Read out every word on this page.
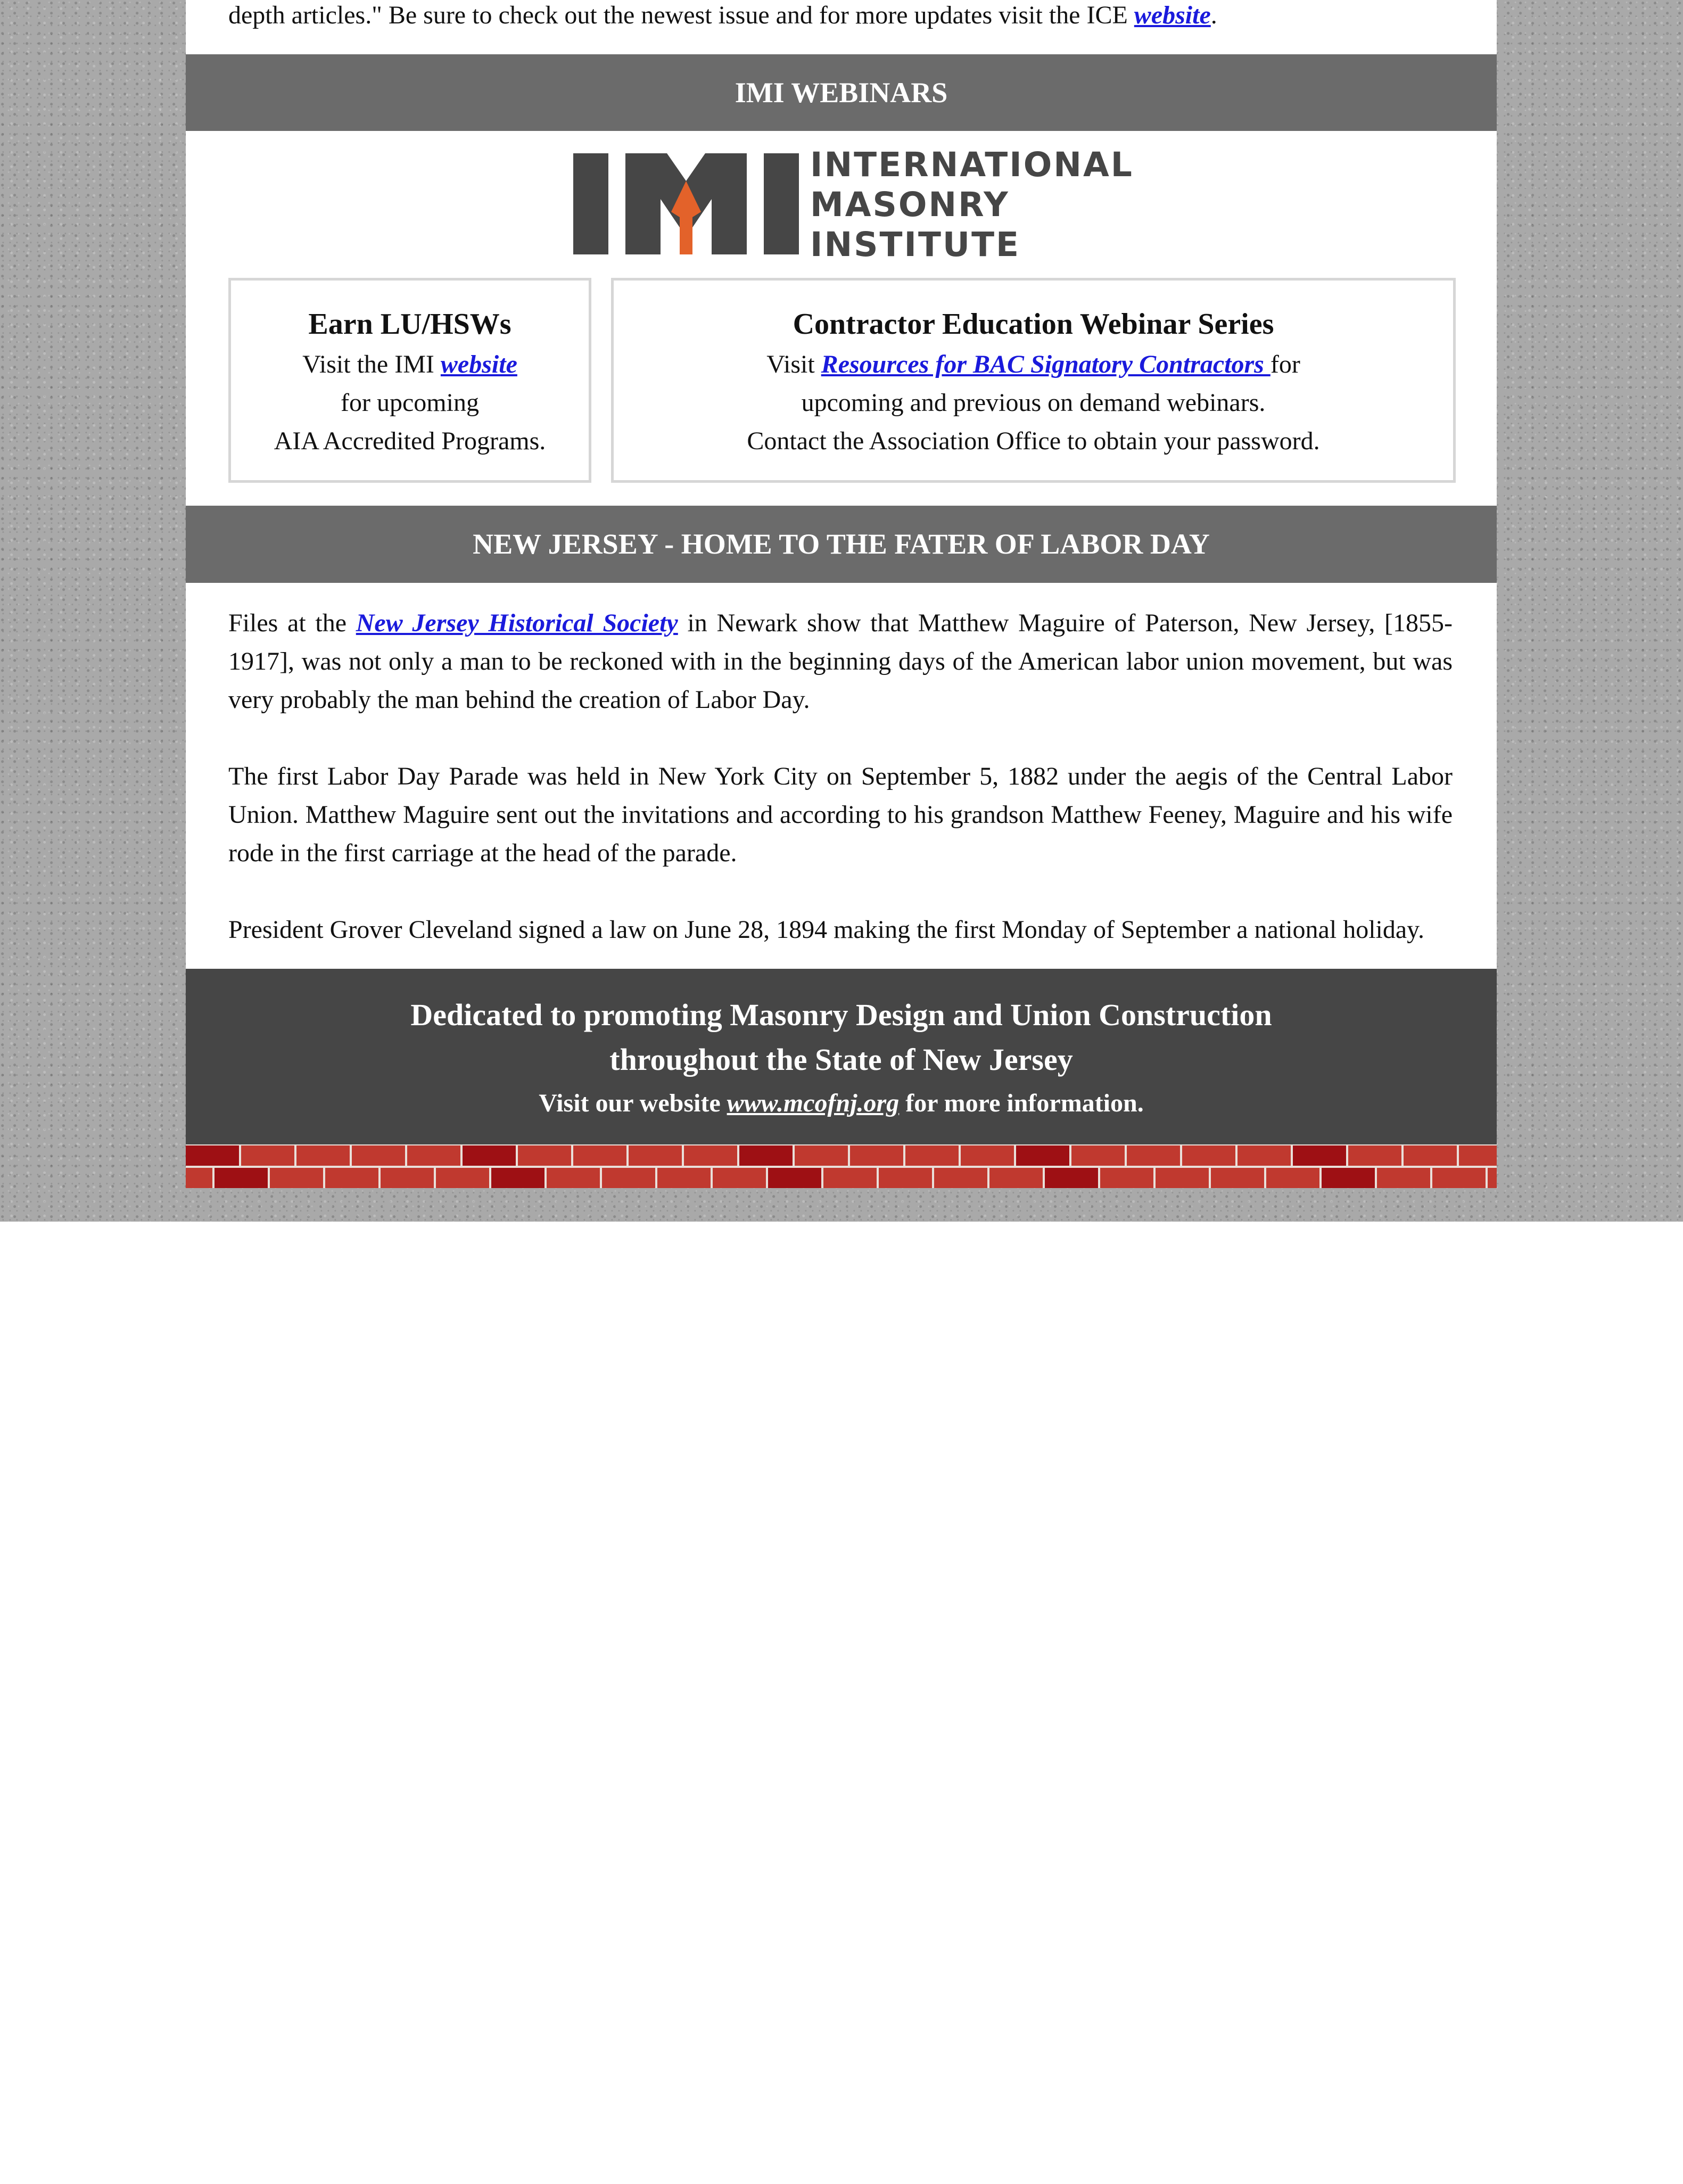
depth articles." Be sure to check out the newest issue and for more updates visit the ICE website.
IMI WEBINARS
INTERNATIONAL
MASONRY
INSTITUTE
Earn LU/HSWs

Visit the IMI website

for upcoming

AIA Accredited Programs.

Contractor Education Webinar Series

Visit Resources for BAC Signatory Contractors for

upcoming and previous on demand webinars.

Contact the Association Office to obtain your password.

NEW JERSEY - HOME TO THE FATER OF LABOR DAY

Files at the New Jersey Historical Society in Newark show that Matthew Maguire of Paterson, New Jersey, [1855-1917], was not only a man to be reckoned with in the beginning days of the American labor union movement, but was very probably the man behind the creation of Labor Day.

The first Labor Day Parade was held in New York City on September 5, 1882 under the aegis of the Central Labor Union. Matthew Maguire sent out the invitations and according to his grandson Matthew Feeney, Maguire and his wife rode in the first carriage at the head of the parade.

President Grover Cleveland signed a law on June 28, 1894 making the first Monday of September a national holiday.

Dedicated to promoting Masonry Design and Union Construction
throughout the State of New Jersey
Visit our website www.mcofnj.org for more information.
